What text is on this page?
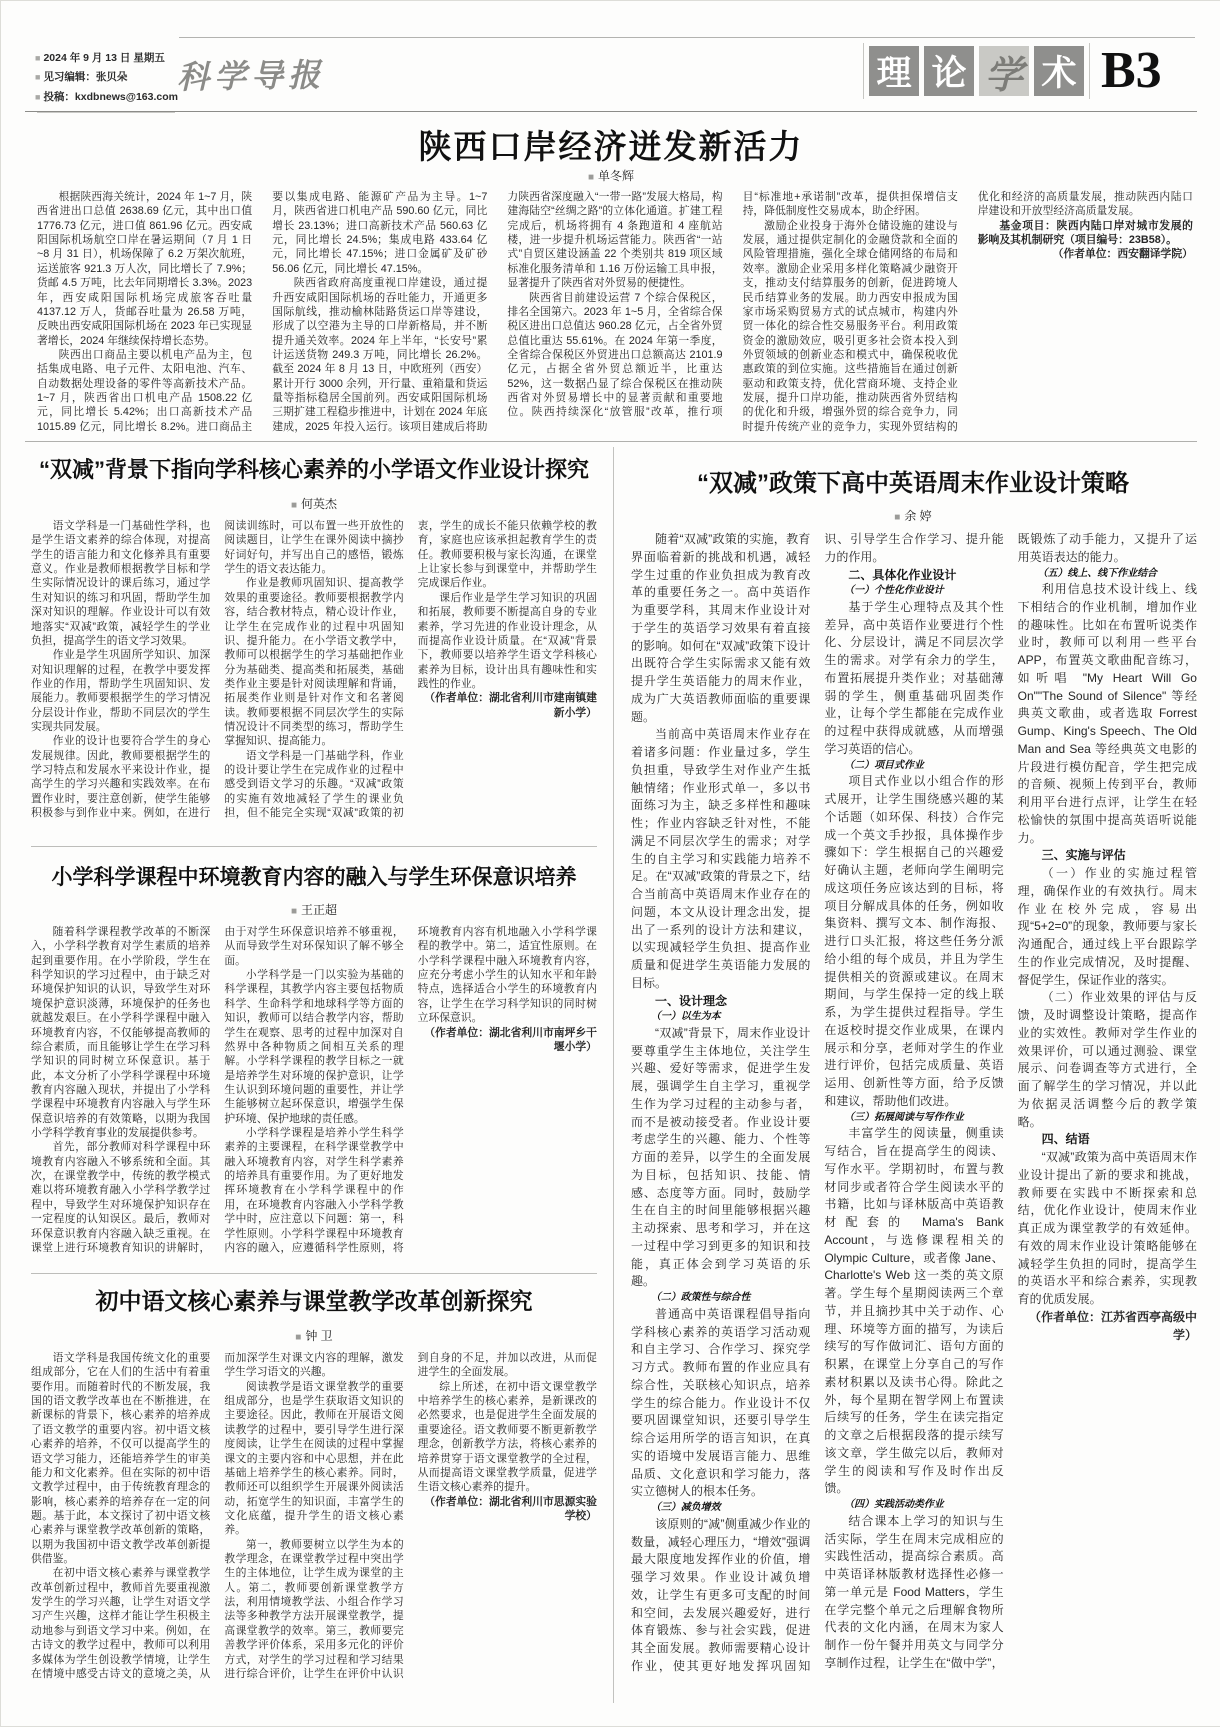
■ 2024 年 9 月 13 日 星期五
■ 见习编辑：张贝朵
■ 投稿：kxdbnews@163.com
科学导报	理 论 学 术 B3
陕西口岸经济迸发新活力
■ 单冬辉

根据陕西海关统计，2024 年 1~7 月，陕西省进出口总值 2638.69 亿元，其中出口值 1776.73 亿元，进口值 861.96 亿元。西安咸阳国际机场航空口岸在暑运期间（7 月 1 日~8 月 31 日），机场保障了 6.2 万架次航班，运送旅客 921.3 万人次，同比增长了 7.9%；货邮 4.5 万吨，比去年同期增长 3.3%。2023 年，西安咸阳国际机场完成旅客吞吐量 4137.12 万人，货邮吞吐量为 26.58 万吨，反映出西安咸阳国际机场在 2023 年已实现显著增长，2024 年继续保持增长态势。

陕西出口商品主要以机电产品为主，包括集成电路、电子元件、太阳电池、汽车、自动数据处理设备的零件等高新技术产品。1~7 月，陕西省出口机电产品 1508.22 亿元，同比增长 5.42%；出口高新技术产品 1015.89 亿元，同比增长 8.2%。进口商品主要以集成电路、能源矿产品为主导。1~7 月，陕西省进口机电产品 590.60 亿元，同比增长 23.13%；进口高新技术产品 560.63 亿元，同比增长 24.5%；集成电路 433.64 亿元，同比增长 47.15%；进口金属矿及矿砂 56.06 亿元，同比增长 47.15%。

陕西省政府高度重视口岸建设，通过提升西安咸阳国际机场的吞吐能力，开通更多国际航线，推动榆林陆路货运口岸等建设，形成了以空港为主导的口岸新格局，并不断提升通关效率。2024 年上半年，“长安号”累计运送货物 249.3 万吨，同比增长 26.2%。截至 2024 年 8 月 13 日，中欧班列（西安）累计开行 3000 余列，开行量、重箱量和货运量等指标稳居全国前列。西安咸阳国际机场三期扩建工程稳步推进中，计划在 2024 年底建成，2025 年投入运行。该项目建成后将助力陕西省深度融入“一带一路”发展大格局，构建海陆空“丝绸之路”的立体化通道。扩建工程完成后，机场将拥有 4 条跑道和 4 座航站楼，进一步提升机场运营能力。陕西省“一站式”自贸区建设涵盖 22 个类别共 819 项区域标准化服务清单和 1.16 万份运输工具申报，显著提升了陕西省对外贸易的便捷性。

陕西省目前建设运营 7 个综合保税区，排名全国第六。2023 年 1~5 月，全省综合保税区进出口总值达 960.28 亿元，占全省外贸总值比重达 55.61%。在 2024 年第一季度，全省综合保税区外贸进出口总额高达 2101.9 亿元，占据全省外贸总额近半，比重达 52%，这一数据凸显了综合保税区在推动陕西省对外贸易增长中的显著贡献和重要地位。陕西持续深化“放管服”改革，推行项目“标准地+承诺制”改革，提供担保增信支持，降低制度性交易成本，助企纾困。

激励企业投身于海外仓储设施的建设与发展，通过提供定制化的金融贷款和全面的风险管理措施，强化全球仓储网络的布局和效率。激励企业采用多样化策略减少融资开支，推动支付结算服务的创新，促进跨境人民币结算业务的发展。助力西安申报成为国家市场采购贸易方式的试点城市，构建内外贸一体化的综合性交易服务平台。利用政策资金的激励效应，吸引更多社会资本投入到外贸领域的创新业态和模式中，确保税收优惠政策的到位实施。这些措施旨在通过创新驱动和政策支持，优化营商环境、支持企业发展，提升口岸功能，推动陕西省外贸结构的优化和升级，增强外贸的综合竞争力，同时提升传统产业的竞争力，实现外贸结构的优化和经济的高质量发展，推动陕西内陆口岸建设和开放型经济高质量发展。

基金项目：陕西内陆口岸对城市发展的影响及其机制研究（项目编号：23B58）。

（作者单位：西安翻译学院）

“双减”背景下指向学科核心素养的小学语文作业设计探究
■ 何英杰

语文学科是一门基础性学科，也是学生语文素养的综合体现，对提高学生的语言能力和文化修养具有重要意义。作业是教师根据教学目标和学生实际情况设计的课后练习，通过学生对知识的练习和巩固，帮助学生加深对知识的理解。作业设计可以有效地落实“双减”政策，减轻学生的学业负担，提高学生的语文学习效果。

作业是学生巩固所学知识、加深对知识理解的过程，在教学中要发挥作业的作用，帮助学生巩固知识、发展能力。教师要根据学生的学习情况分层设计作业，帮助不同层次的学生实现共同发展。

作业的设计也要符合学生的身心发展规律。因此，教师要根据学生的学习特点和发展水平来设计作业，提高学生的学习兴趣和实践效率。在布置作业时，要注意创新，使学生能够积极参与到作业中来。例如，在进行阅读训练时，可以布置一些开放性的阅读题目，让学生在课外阅读中摘抄好词好句，并写出自己的感悟，锻炼学生的语文表达能力。

作业是教师巩固知识、提高教学效果的重要途径。教师要根据教学内容，结合教材特点，精心设计作业，让学生在完成作业的过程中巩固知识、提升能力。在小学语文教学中，教师可以根据学生的学习基础把作业分为基础类、提高类和拓展类，基础类作业主要是针对阅读理解和背诵，拓展类作业则是针对作文和名著阅读。教师要根据不同层次学生的实际情况设计不同类型的练习，帮助学生掌握知识、提高能力。

语文学科是一门基础学科，作业的设计要让学生在完成作业的过程中感受到语文学习的乐趣。“双减”政策的实施有效地减轻了学生的课业负担，但不能完全实现“双减”政策的初衷，学生的成长不能只依赖学校的教育，家庭也应该承担起教育学生的责任。教师要积极与家长沟通，在课堂上让家长参与到课堂中，并帮助学生完成课后作业。

课后作业是学生学习知识的巩固和拓展，教师要不断提高自身的专业素养，学习先进的作业设计理念，从而提高作业设计质量。在“双减”背景下，教师要以培养学生语文学科核心素养为目标，设计出具有趣味性和实践性的作业。

（作者单位：湖北省利川市建南镇建新小学）

小学科学课程中环境教育内容的融入与学生环保意识培养
■ 王正超

随着科学课程教学改革的不断深入，小学科学教育对学生素质的培养起到重要作用。在小学阶段，学生在科学知识的学习过程中，由于缺乏对环境保护知识的认识，导致学生对环境保护意识淡薄，环境保护的任务也就越发艰巨。在小学科学课程中融入环境教育内容，不仅能够提高教师的综合素质，而且能够让学生在学习科学知识的同时树立环保意识。基于此，本文分析了小学科学课程中环境教育内容融入现状，并提出了小学科学课程中环境教育内容融入与学生环保意识培养的有效策略，以期为我国小学科学教育事业的发展提供参考。

首先，部分教师对科学课程中环境教育内容融入不够系统和全面。其次，在课堂教学中，传统的教学模式难以将环境教育融入小学科学教学过程中，导致学生对环境保护知识存在一定程度的认知误区。最后，教师对环保意识教育内容融入缺乏重视。在课堂上进行环境教育知识的讲解时，由于对学生环保意识培养不够重视，从而导致学生对环保知识了解不够全面。

小学科学是一门以实验为基础的科学课程，其教学内容主要包括物质科学、生命科学和地球科学等方面的知识，教师可以结合教学内容，帮助学生在观察、思考的过程中加深对自然界中各种物质之间相互关系的理解。小学科学课程的教学目标之一就是培养学生对环境的保护意识，让学生认识到环境问题的重要性，并让学生能够树立起环保意识，增强学生保护环境、保护地球的责任感。

小学科学课程是培养小学生科学素养的主要课程，在科学课堂教学中融入环境教育内容，对学生科学素养的培养具有重要作用。为了更好地发挥环境教育在小学科学课程中的作用，在环境教育内容融入小学科学教学中时，应注意以下问题：第一，科学性原则。小学科学课程中环境教育内容的融入，应遵循科学性原则，将环境教育内容有机地融入小学科学课程的教学中。第二，适宜性原则。在小学科学课程中融入环境教育内容，应充分考虑小学生的认知水平和年龄特点，选择适合小学生的环境教育内容，让学生在学习科学知识的同时树立环保意识。

（作者单位：湖北省利川市南坪乡干堰小学）

初中语文核心素养与课堂教学改革创新探究
■ 钟 卫

语文学科是我国传统文化的重要组成部分，它在人们的生活中有着重要作用。而随着时代的不断发展，我国的语文教学改革也在不断推进，在新课标的背景下，核心素养的培养成了语文教学的重要内容。初中语文核心素养的培养，不仅可以提高学生的语文学习能力，还能培养学生的审美能力和文化素养。但在实际的初中语文教学过程中，由于传统教育理念的影响，核心素养的培养存在一定的问题。基于此，本文探讨了初中语文核心素养与课堂教学改革创新的策略，以期为我国初中语文教学改革创新提供借鉴。

在初中语文核心素养与课堂教学改革创新过程中，教师首先要重视激发学生的学习兴趣，让学生对语文学习产生兴趣，这样才能让学生积极主动地参与到语文学习中来。例如，在古诗文的教学过程中，教师可以利用多媒体为学生创设教学情境，让学生在情境中感受古诗文的意境之美，从而加深学生对课文内容的理解，激发学生学习语文的兴趣。

阅读教学是语文课堂教学的重要组成部分，也是学生获取语文知识的主要途径。因此，教师在开展语文阅读教学的过程中，要引导学生进行深度阅读，让学生在阅读的过程中掌握课文的主要内容和中心思想，并在此基础上培养学生的核心素养。同时，教师还可以组织学生开展课外阅读活动，拓宽学生的知识面，丰富学生的文化底蕴，提升学生的语文核心素养。

第一，教师要树立以学生为本的教学理念，在课堂教学过程中突出学生的主体地位，让学生成为课堂的主人。第二，教师要创新课堂教学方法，利用情境教学法、小组合作学习法等多种教学方法开展课堂教学，提高课堂教学的效率。第三，教师要完善教学评价体系，采用多元化的评价方式，对学生的学习过程和学习结果进行综合评价，让学生在评价中认识到自身的不足，并加以改进，从而促进学生的全面发展。

综上所述，在初中语文课堂教学中培养学生的核心素养，是新课改的必然要求，也是促进学生全面发展的重要途径。语文教师要不断更新教学理念，创新教学方法，将核心素养的培养贯穿于语文课堂教学的全过程，从而提高语文课堂教学质量，促进学生语文核心素养的提升。

（作者单位：湖北省利川市思源实验学校）

“双减”政策下高中英语周末作业设计策略
■ 余 婷

随着“双减”政策的实施，教育界面临着新的挑战和机遇，减轻学生过重的作业负担成为教育改革的重要任务之一。高中英语作为重要学科，其周末作业设计对于学生的英语学习效果有着直接的影响。如何在“双减”政策下设计出既符合学生实际需求又能有效提升学生英语能力的周末作业，成为广大英语教师面临的重要课题。

当前高中英语周末作业存在着诸多问题：作业量过多，学生负担重，导致学生对作业产生抵触情绪；作业形式单一，多以书面练习为主，缺乏多样性和趣味性；作业内容缺乏针对性，不能满足不同层次学生的需求；对学生的自主学习和实践能力培养不足。在“双减”政策的背景之下，结合当前高中英语周末作业存在的问题，本文从设计理念出发，提出了一系列的设计方法和建议，以实现减轻学生负担、提高作业质量和促进学生英语能力发展的目标。

一、设计理念
（一）以生为本

“双减”背景下，周末作业设计要尊重学生主体地位，关注学生兴趣、爱好等需求，促进学生发展，强调学生自主学习，重视学生作为学习过程的主动参与者，而不是被动接受者。作业设计要考虑学生的兴趣、能力、个性等方面的差异，以学生的全面发展为目标，包括知识、技能、情感、态度等方面。同时，鼓励学生在自主的时间里能够根据兴趣主动探索、思考和学习，并在这一过程中学习到更多的知识和技能，真正体会到学习英语的乐趣。

（二）政策性与综合性

普通高中英语课程倡导指向学科核心素养的英语学习活动观和自主学习、合作学习、探究学习方式。教师布置的作业应具有综合性，关联核心知识点，培养学生的综合能力。作业设计不仅要巩固课堂知识，还要引导学生综合运用所学的语言知识，在真实的语境中发展语言能力、思维品质、文化意识和学习能力，落实立德树人的根本任务。

（三）减负增效

该原则的“减”侧重减少作业的数量，减轻心理压力，“增效”强调最大限度地发挥作业的价值，增强学习效果。作业设计减负增效，让学生有更多可支配的时间和空间，去发展兴趣爱好，进行体育锻炼、参与社会实践，促进其全面发展。教师需要精心设计作业，使其更好地发挥巩固知识、引导学生合作学习、提升能力的作用。

二、具体化作业设计
（一）个性化作业设计

基于学生心理特点及其个性差异，高中英语作业要进行个性化、分层设计，满足不同层次学生的需求。对学有余力的学生，布置拓展提升类作业；对基础薄弱的学生，侧重基础巩固类作业，让每个学生都能在完成作业的过程中获得成就感，从而增强学习英语的信心。

（二）项目式作业

项目式作业以小组合作的形式展开，让学生围绕感兴趣的某个话题（如环保、科技）合作完成一个英文手抄报，具体操作步骤如下：学生根据自己的兴趣爱好确认主题，老师向学生阐明完成这项任务应该达到的目标，将项目分解成具体的任务，例如收集资料、撰写文本、制作海报、进行口头汇报，将这些任务分派给小组的每个成员，并且为学生提供相关的资源或建议。在周末期间，与学生保持一定的线上联系，为学生提供过程指导。学生在返校时提交作业成果，在课内展示和分享，老师对学生的作业进行评价，包括完成质量、英语运用、创新性等方面，给予反馈和建议，帮助他们改进。

（三）拓展阅读与写作作业

丰富学生的阅读量，侧重读写结合，旨在提高学生的阅读、写作水平。学期初时，布置与教材同步或者符合学生阅读水平的书籍，比如与译林版高中英语教材配套的 Mama's Bank Account，与选修课程相关的 Olympic Culture，或者像 Jane、Charlotte's Web 这一类的英文原著。学生每个星期阅读两三个章节，并且摘抄其中关于动作、心理、环境等方面的描写，为读后续写的写作做词汇、语句方面的积累，在课堂上分享自己的写作素材积累以及读书心得。除此之外，每个星期在智学网上布置读后续写的任务，学生在读完指定的文章之后根据段落的提示续写该文章，学生做完以后，教师对学生的阅读和写作及时作出反馈。

（四）实践活动类作业

结合课本上学习的知识与生活实际，学生在周末完成相应的实践性活动，提高综合素质。高中英语译林版教材选择性必修一第一单元是 Food Matters，学生在学完整个单元之后理解食物所代表的文化内涵，在周末为家人制作一份午餐并用英文与同学分享制作过程，让学生在“做中学”，既锻炼了动手能力，又提升了运用英语表达的能力。

（五）线上、线下作业结合

利用信息技术设计线上、线下相结合的作业机制，增加作业的趣味性。比如在布置听说类作业时，教师可以利用一些平台 APP，布置英文歌曲配音练习，如听唱 "My Heart Will Go On""The Sound of Silence" 等经典英文歌曲，或者选取 Forrest Gump、King's Speech、The Old Man and Sea 等经典英文电影的片段进行模仿配音，学生把完成的音频、视频上传到平台，教师利用平台进行点评，让学生在轻松愉快的氛围中提高英语听说能力。

三、实施与评估

（一）作业的实施过程管理，确保作业的有效执行。周末作业在校外完成，容易出现“5+2=0”的现象，教师要与家长沟通配合，通过线上平台跟踪学生的作业完成情况，及时提醒、督促学生，保证作业的落实。

（二）作业效果的评估与反馈，及时调整设计策略，提高作业的实效性。教师对学生作业的效果评价，可以通过测验、课堂展示、问卷调查等方式进行，全面了解学生的学习情况，并以此为依据灵活调整今后的教学策略。

四、结语

“双减”政策为高中英语周末作业设计提出了新的要求和挑战，教师要在实践中不断探索和总结，优化作业设计，使周末作业真正成为课堂教学的有效延伸。有效的周末作业设计策略能够在减轻学生负担的同时，提高学生的英语水平和综合素养，实现教育的优质发展。

（作者单位：江苏省西亭高级中学）
